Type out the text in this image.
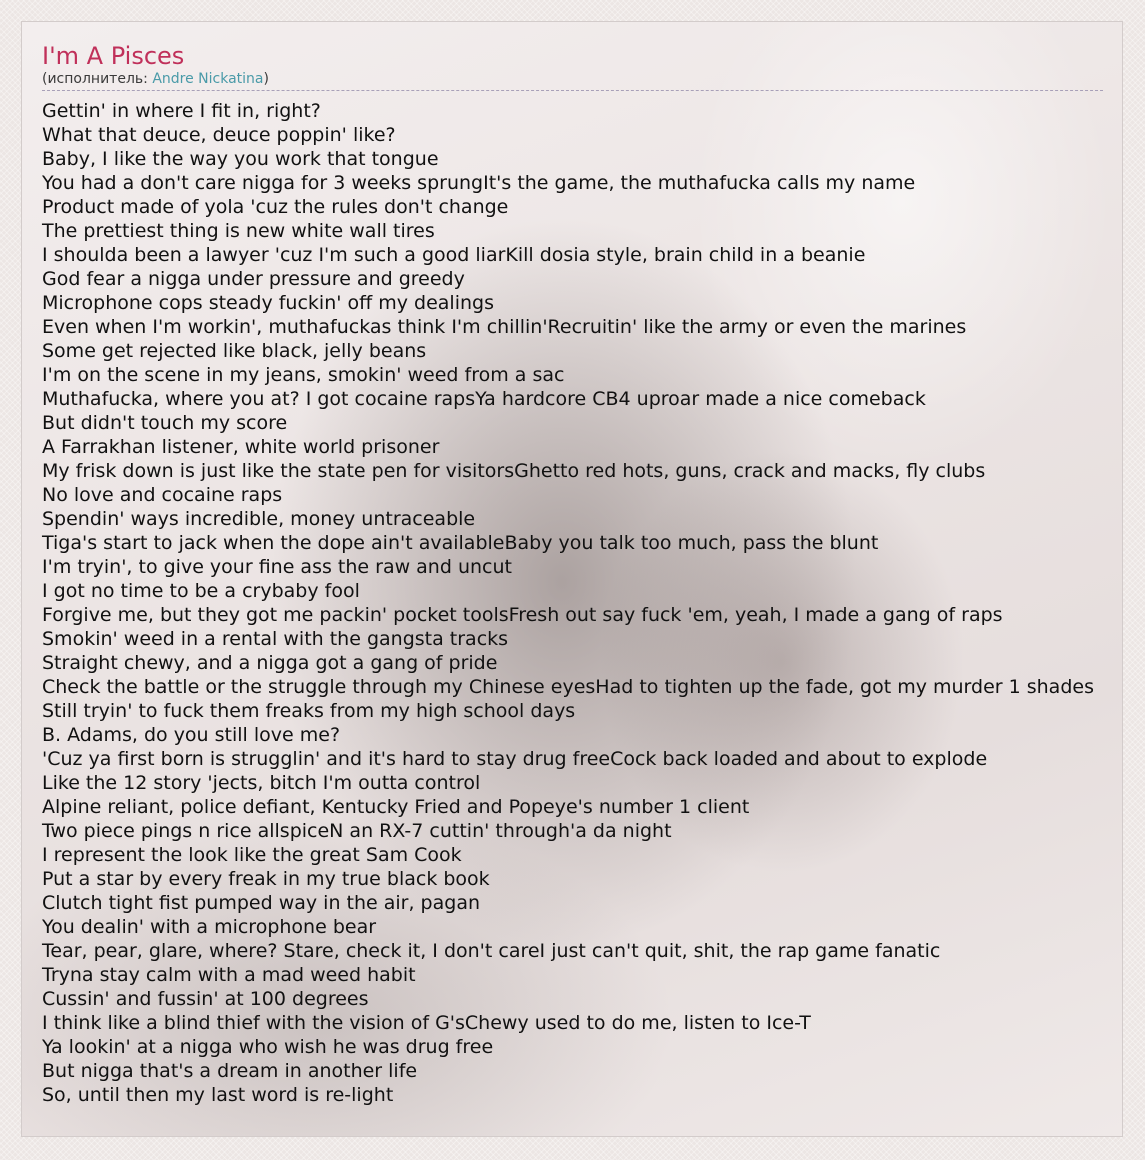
I'm A Pisces
(исполнитель: Andre Nickatina)
Gettin' in where I fit in, right?
What that deuce, deuce poppin' like?
Baby, I like the way you work that tongue
You had a don't care nigga for 3 weeks sprungIt's the game, the muthafucka calls my name
Product made of yola 'cuz the rules don't change
The prettiest thing is new white wall tires
I shoulda been a lawyer 'cuz I'm such a good liarKill dosia style, brain child in a beanie
God fear a nigga under pressure and greedy
Microphone cops steady fuckin' off my dealings
Even when I'm workin', muthafuckas think I'm chillin'Recruitin' like the army or even the marines
Some get rejected like black, jelly beans
I'm on the scene in my jeans, smokin' weed from a sac
Muthafucka, where you at? I got cocaine rapsYa hardcore CB4 uproar made a nice comeback
But didn't touch my score
A Farrakhan listener, white world prisoner
My frisk down is just like the state pen for visitorsGhetto red hots, guns, crack and macks, fly clubs
No love and cocaine raps
Spendin' ways incredible, money untraceable
Tiga's start to jack when the dope ain't availableBaby you talk too much, pass the blunt
I'm tryin', to give your fine ass the raw and uncut
I got no time to be a crybaby fool
Forgive me, but they got me packin' pocket toolsFresh out say fuck 'em, yeah, I made a gang of raps
Smokin' weed in a rental with the gangsta tracks
Straight chewy, and a nigga got a gang of pride
Check the battle or the struggle through my Chinese eyesHad to tighten up the fade, got my murder 1 shades
Still tryin' to fuck them freaks from my high school days
B. Adams, do you still love me?
'Cuz ya first born is strugglin' and it's hard to stay drug freeCock back loaded and about to explode
Like the 12 story 'jects, bitch I'm outta control
Alpine reliant, police defiant, Kentucky Fried and Popeye's number 1 client
Two piece pings n rice allspiceN an RX-7 cuttin' through'a da night
I represent the look like the great Sam Cook
Put a star by every freak in my true black book
Clutch tight fist pumped way in the air, pagan
You dealin' with a microphone bear
Tear, pear, glare, where? Stare, check it, I don't careI just can't quit, shit, the rap game fanatic
Tryna stay calm with a mad weed habit
Cussin' and fussin' at 100 degrees
I think like a blind thief with the vision of G'sChewy used to do me, listen to Ice-T
Ya lookin' at a nigga who wish he was drug free
But nigga that's a dream in another life
So, until then my last word is re-light
